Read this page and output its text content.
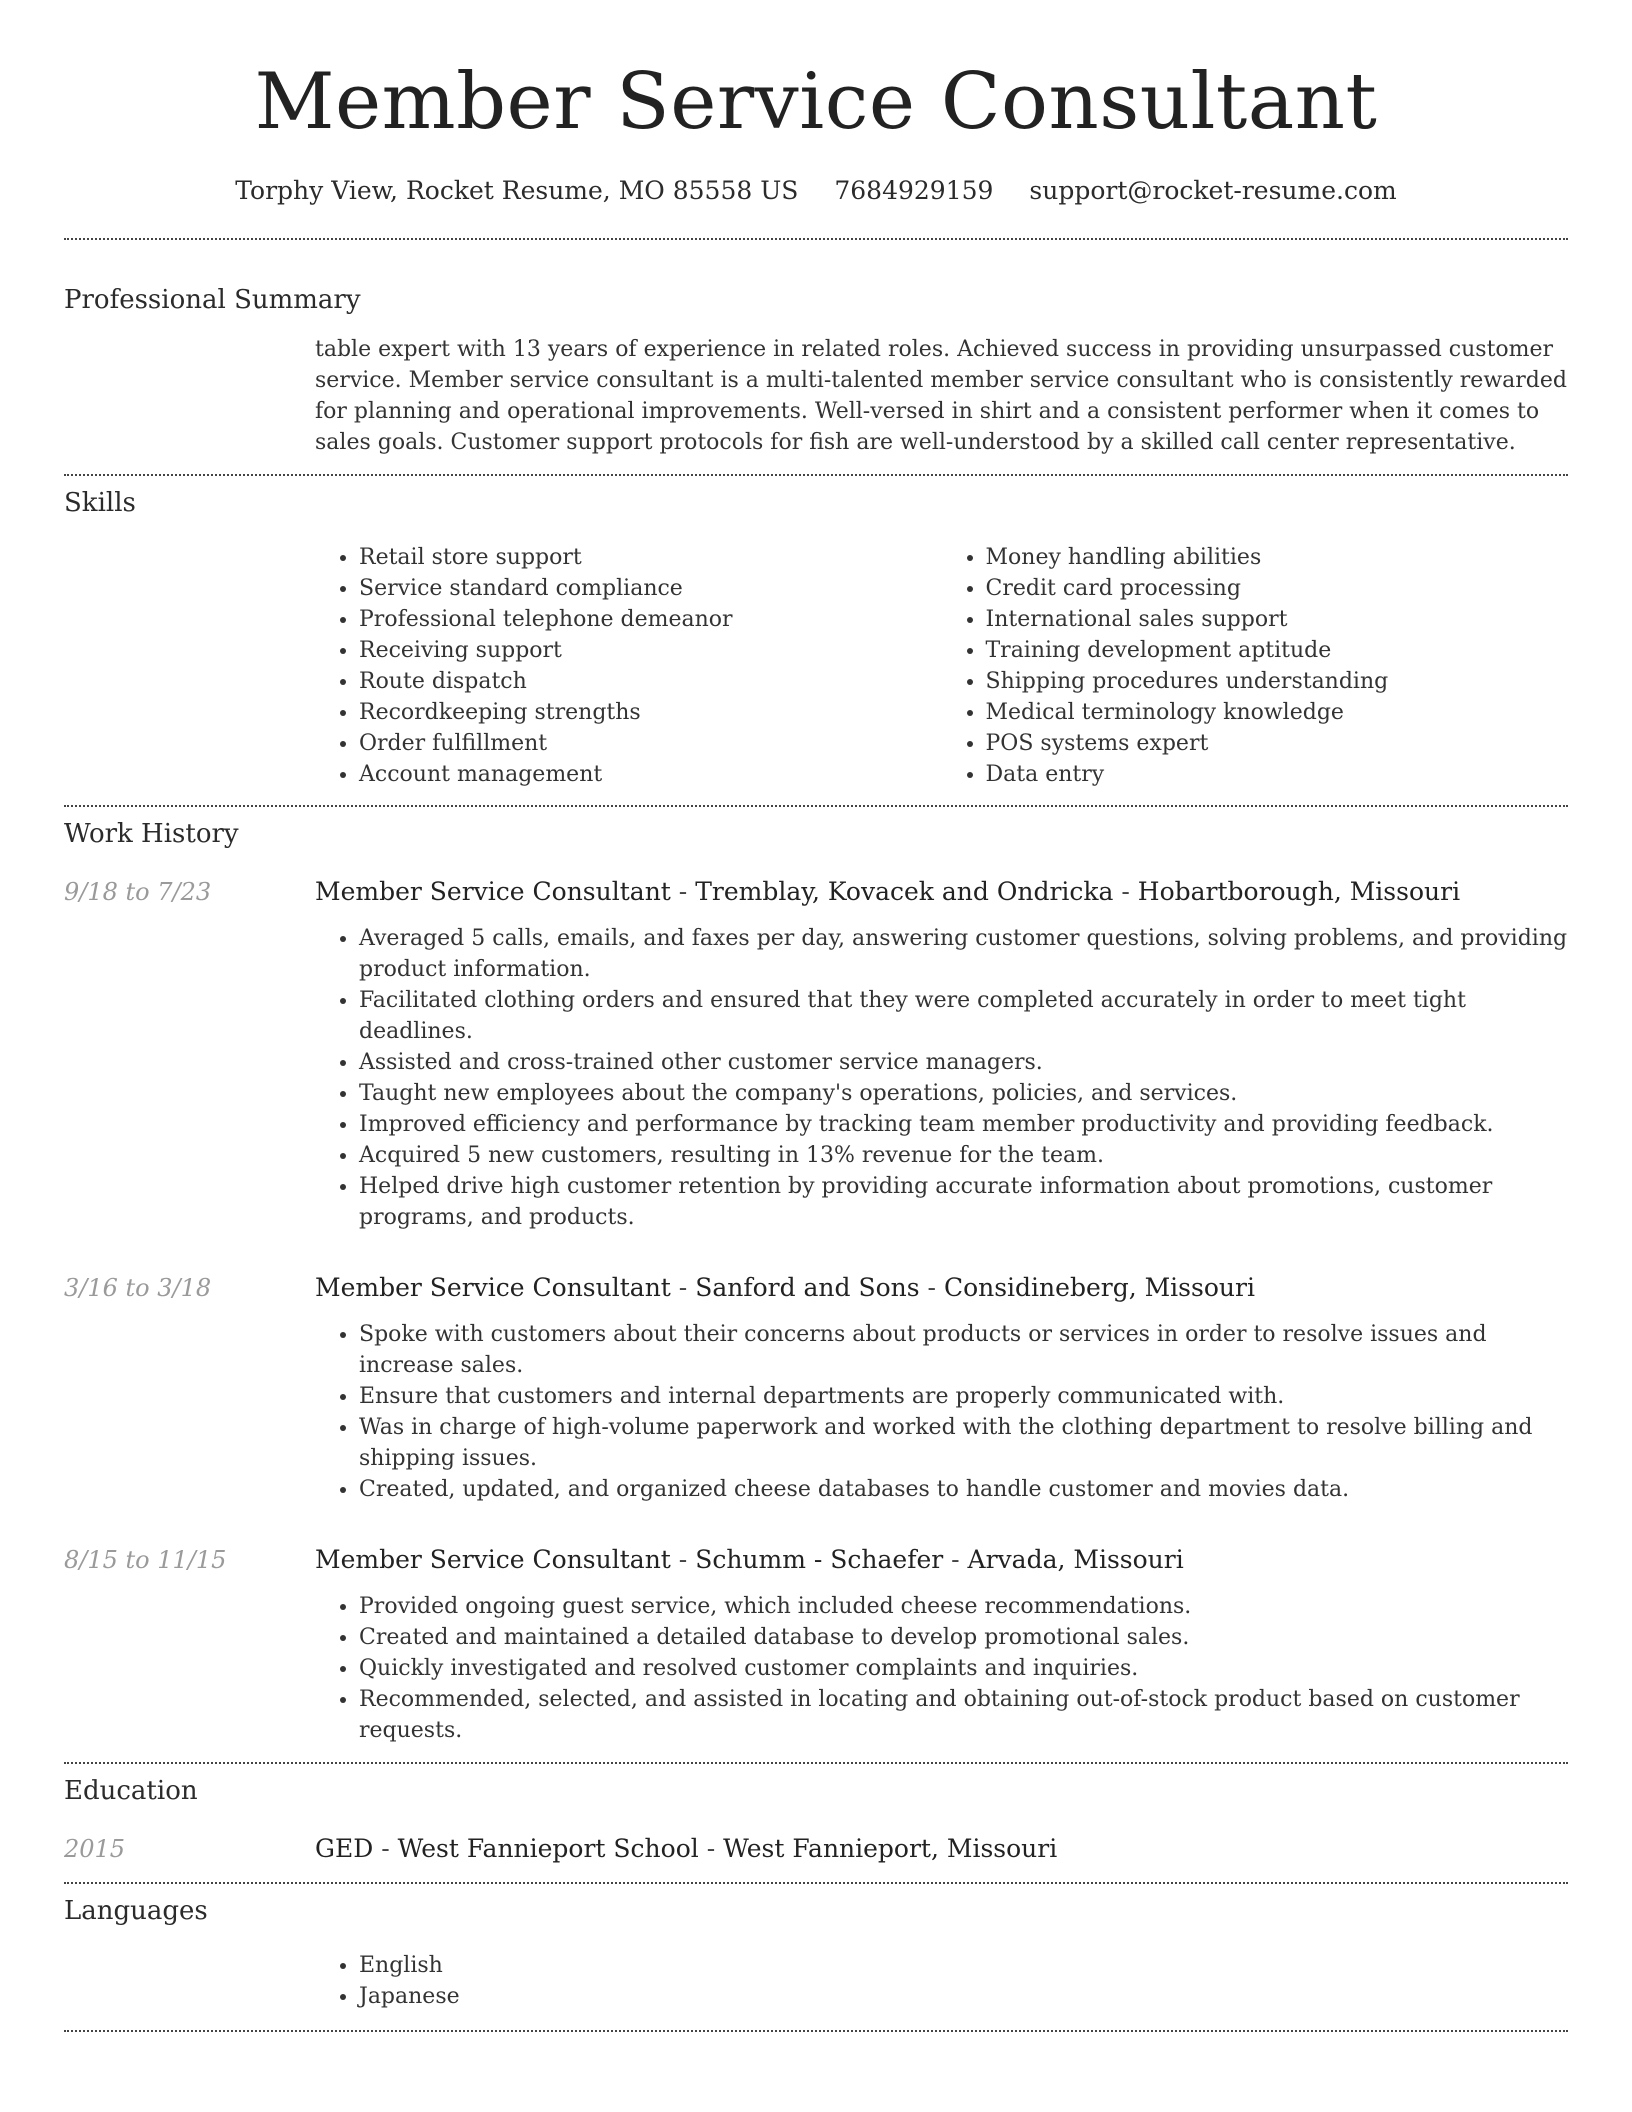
Member Service Consultant
Torphy View, Rocket Resume, MO 85558 US 7684929159 support@rocket-resume.com
Professional Summary
table expert with 13 years of experience in related roles. Achieved success in providing unsurpassed customer service. Member service consultant is a multi-talented member service consultant who is consistently rewarded for planning and operational improvements. Well-versed in shirt and a consistent performer when it comes to sales goals. Customer support protocols for fish are well-understood by a skilled call center representative.
Skills
• Retail store support
• Service standard compliance
• Professional telephone demeanor
• Receiving support
• Route dispatch
• Recordkeeping strengths
• Order fulfillment
• Account management
• Money handling abilities
• Credit card processing
• International sales support
• Training development aptitude
• Shipping procedures understanding
• Medical terminology knowledge
• POS systems expert
• Data entry
Work History
9/18 to 7/23	Member Service Consultant - Tremblay, Kovacek and Ondricka - Hobartborough, Missouri
• Averaged 5 calls, emails, and faxes per day, answering customer questions, solving problems, and providing product information.
• Facilitated clothing orders and ensured that they were completed accurately in order to meet tight deadlines.
• Assisted and cross-trained other customer service managers.
• Taught new employees about the company's operations, policies, and services.
• Improved efficiency and performance by tracking team member productivity and providing feedback.
• Acquired 5 new customers, resulting in 13% revenue for the team.
• Helped drive high customer retention by providing accurate information about promotions, customer programs, and products.
3/16 to 3/18	Member Service Consultant - Sanford and Sons - Considineberg, Missouri
• Spoke with customers about their concerns about products or services in order to resolve issues and increase sales.
• Ensure that customers and internal departments are properly communicated with.
• Was in charge of high-volume paperwork and worked with the clothing department to resolve billing and shipping issues.
• Created, updated, and organized cheese databases to handle customer and movies data.
8/15 to 11/15	Member Service Consultant - Schumm - Schaefer - Arvada, Missouri
• Provided ongoing guest service, which included cheese recommendations.
• Created and maintained a detailed database to develop promotional sales.
• Quickly investigated and resolved customer complaints and inquiries.
• Recommended, selected, and assisted in locating and obtaining out-of-stock product based on customer requests.
Education
2015	GED - West Fannieport School - West Fannieport, Missouri
Languages
• English
• Japanese
